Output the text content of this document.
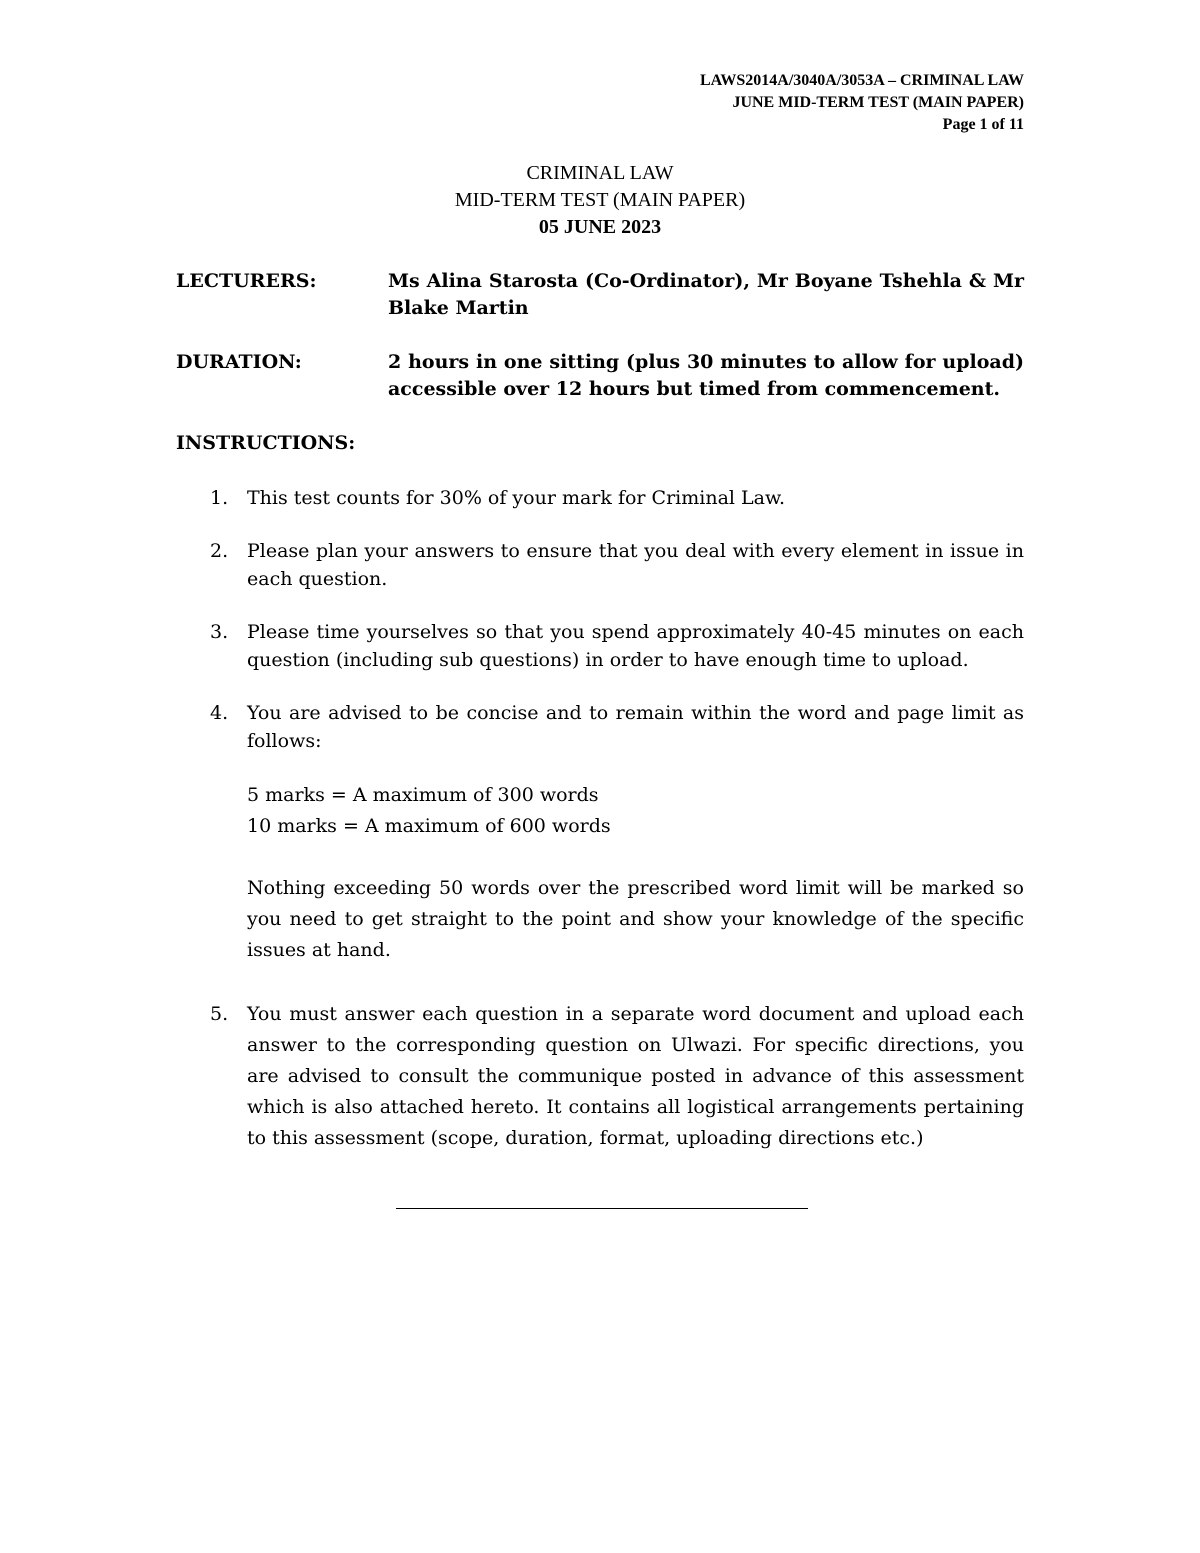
LAWS2014A/3040A/3053A – CRIMINAL LAW
JUNE MID-TERM TEST (MAIN PAPER)
Page 1 of 11
CRIMINAL LAW
MID-TERM TEST (MAIN PAPER)
05 JUNE 2023
LECTURERS:	Ms Alina Starosta (Co-Ordinator), Mr Boyane Tshehla & Mr Blake Martin
DURATION:	2 hours in one sitting (plus 30 minutes to allow for upload) accessible over 12 hours but timed from commencement.
INSTRUCTIONS:
1. This test counts for 30% of your mark for Criminal Law.
2. Please plan your answers to ensure that you deal with every element in issue in each question.
3. Please time yourselves so that you spend approximately 40-45 minutes on each question (including sub questions) in order to have enough time to upload.
4. You are advised to be concise and to remain within the word and page limit as follows:
5 marks = A maximum of 300 words
10 marks = A maximum of 600 words
Nothing exceeding 50 words over the prescribed word limit will be marked so you need to get straight to the point and show your knowledge of the specific issues at hand.
5. You must answer each question in a separate word document and upload each answer to the corresponding question on Ulwazi. For specific directions, you are advised to consult the communique posted in advance of this assessment which is also attached hereto. It contains all logistical arrangements pertaining to this assessment (scope, duration, format, uploading directions etc.)
